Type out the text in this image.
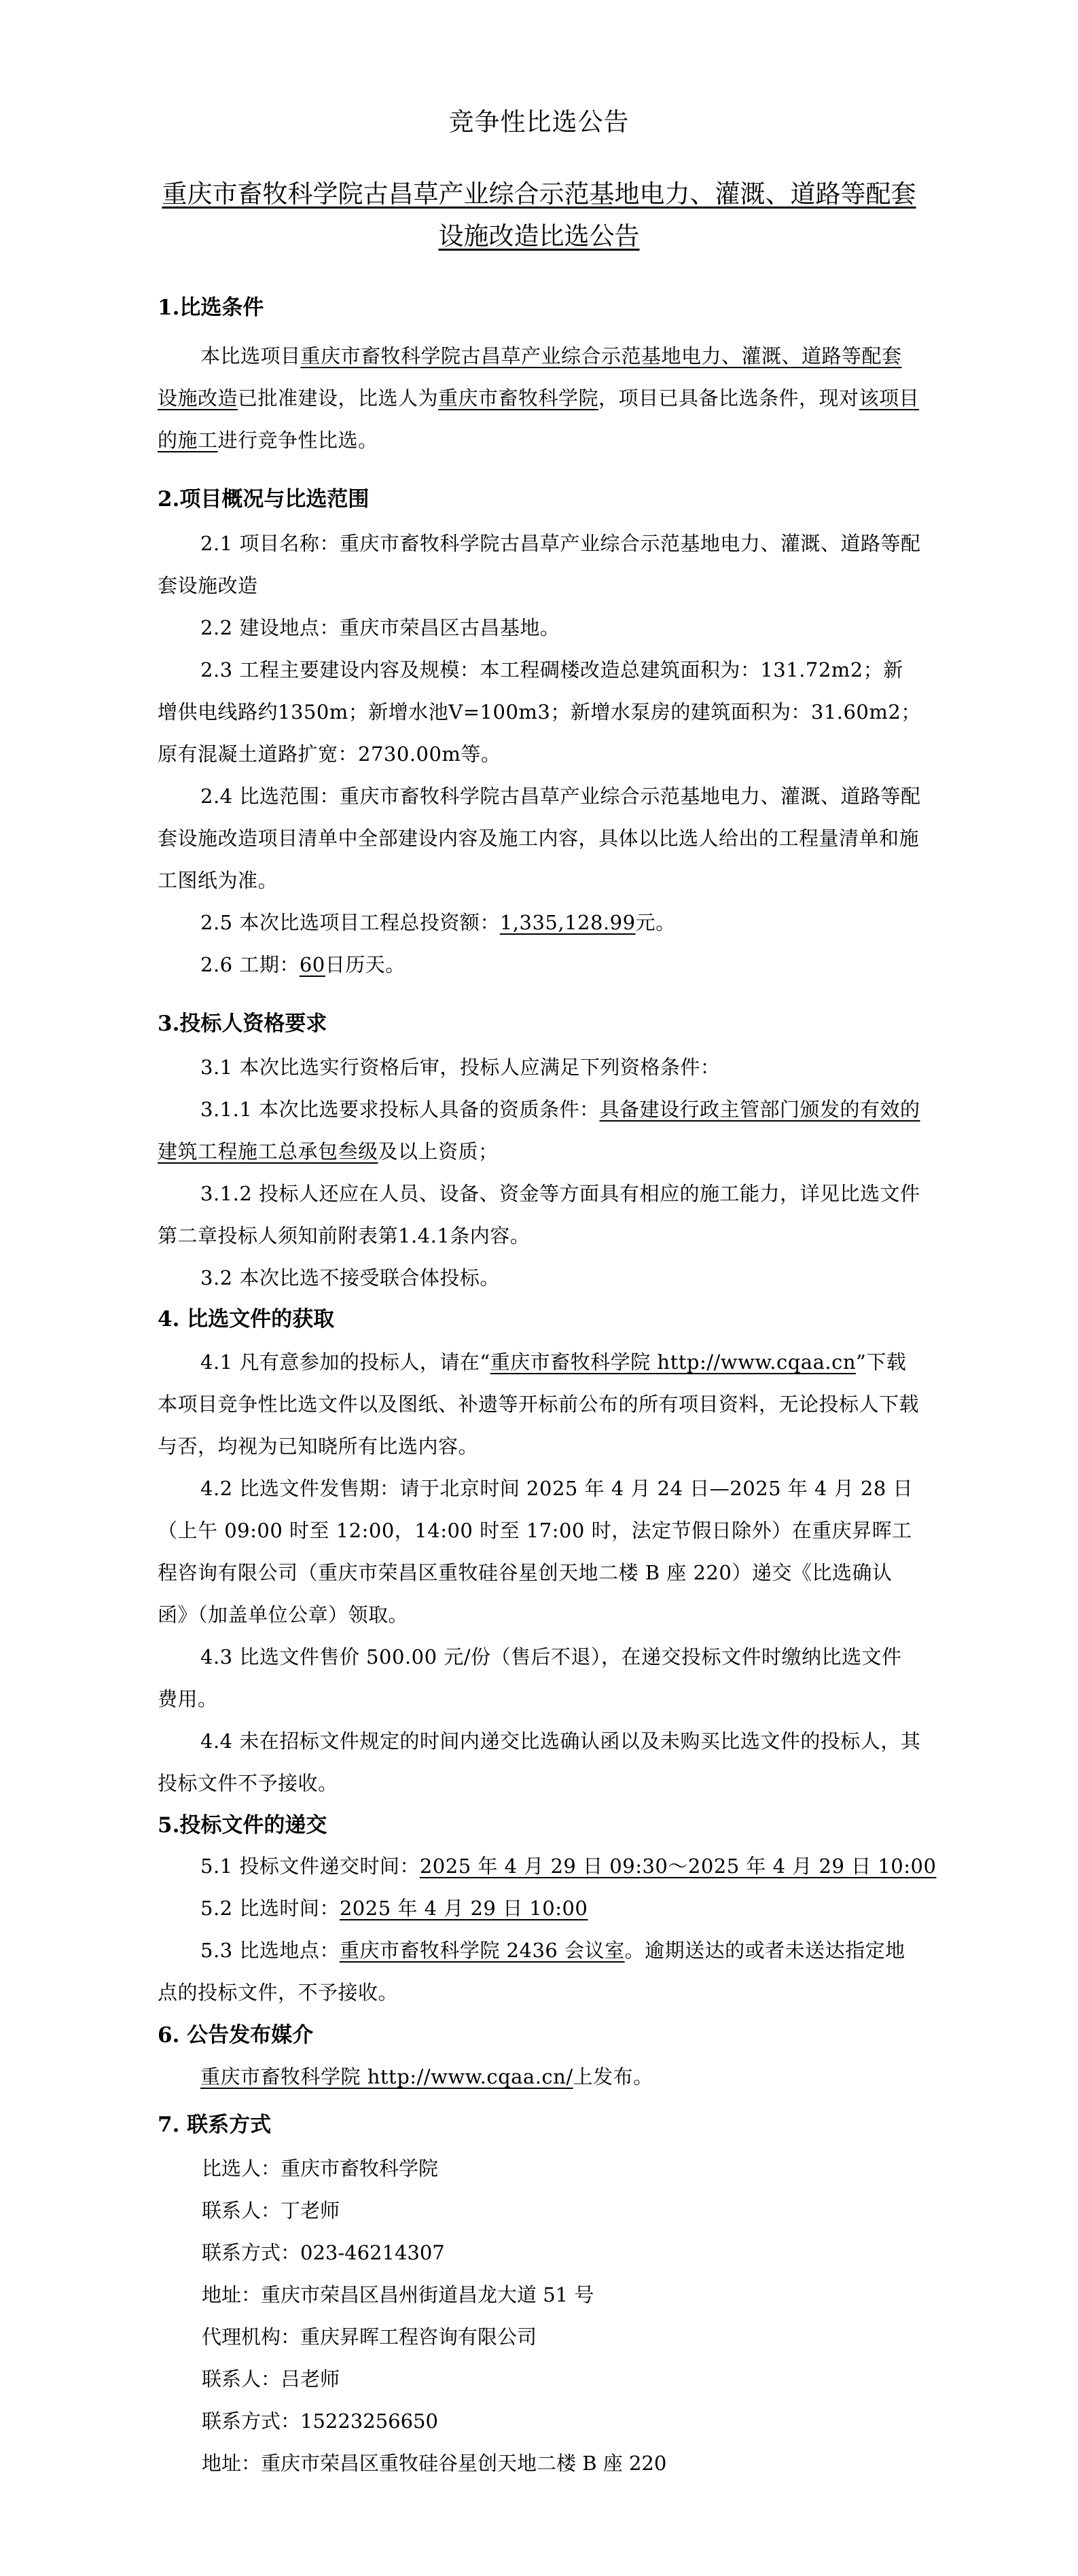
竞争性比选公告
重庆市畜牧科学院古昌草产业综合示范基地电力、灌溉、道路等配套
设施改造比选公告
1.比选条件
本比选项目重庆市畜牧科学院古昌草产业综合示范基地电力、灌溉、道路等配套设施改造已批准建设，比选人为重庆市畜牧科学院，项目已具备比选条件，现对该项目的施工进行竞争性比选。
2.项目概况与比选范围
2.1 项目名称：重庆市畜牧科学院古昌草产业综合示范基地电力、灌溉、道路等配套设施改造
2.2 建设地点：重庆市荣昌区古昌基地。
2.3 工程主要建设内容及规模：本工程碉楼改造总建筑面积为：131.72m2；新增供电线路约1350m；新增水池V=100m3；新增水泵房的建筑面积为：31.60m2；原有混凝土道路扩宽：2730.00m等。
2.4 比选范围：重庆市畜牧科学院古昌草产业综合示范基地电力、灌溉、道路等配套设施改造项目清单中全部建设内容及施工内容，具体以比选人给出的工程量清单和施工图纸为准。
2.5 本次比选项目工程总投资额：1,335,128.99元。
2.6 工期：60日历天。
3.投标人资格要求
3.1 本次比选实行资格后审，投标人应满足下列资格条件：
3.1.1 本次比选要求投标人具备的资质条件：具备建设行政主管部门颁发的有效的建筑工程施工总承包叁级及以上资质；
3.1.2 投标人还应在人员、设备、资金等方面具有相应的施工能力，详见比选文件第二章投标人须知前附表第1.4.1条内容。
3.2 本次比选不接受联合体投标。
4. 比选文件的获取
4.1 凡有意参加的投标人，请在“重庆市畜牧科学院 http://www.cqaa.cn”下载本项目竞争性比选文件以及图纸、补遗等开标前公布的所有项目资料，无论投标人下载与否，均视为已知晓所有比选内容。
4.2 比选文件发售期：请于北京时间 2025 年 4 月 24 日—2025 年 4 月 28 日（上午 09:00 时至 12:00，14:00 时至 17:00 时，法定节假日除外）在重庆昇晖工程咨询有限公司（重庆市荣昌区重牧硅谷星创天地二楼 B 座 220）递交《比选确认函》（加盖单位公章）领取。
4.3 比选文件售价 500.00 元/份（售后不退），在递交投标文件时缴纳比选文件费用。
4.4 未在招标文件规定的时间内递交比选确认函以及未购买比选文件的投标人，其投标文件不予接收。
5.投标文件的递交
5.1 投标文件递交时间：2025 年 4 月 29 日 09:30～2025 年 4 月 29 日 10:00
5.2 比选时间：2025 年 4 月 29 日 10:00
5.3 比选地点：重庆市畜牧科学院 2436 会议室。逾期送达的或者未送达指定地点的投标文件，不予接收。
6. 公告发布媒介
重庆市畜牧科学院 http://www.cqaa.cn/上发布。
7. 联系方式
比选人：重庆市畜牧科学院
联系人：丁老师
联系方式：023-46214307
地址：重庆市荣昌区昌州街道昌龙大道 51 号
代理机构：重庆昇晖工程咨询有限公司
联系人：吕老师
联系方式：15223256650
地址：重庆市荣昌区重牧硅谷星创天地二楼 B 座 220
